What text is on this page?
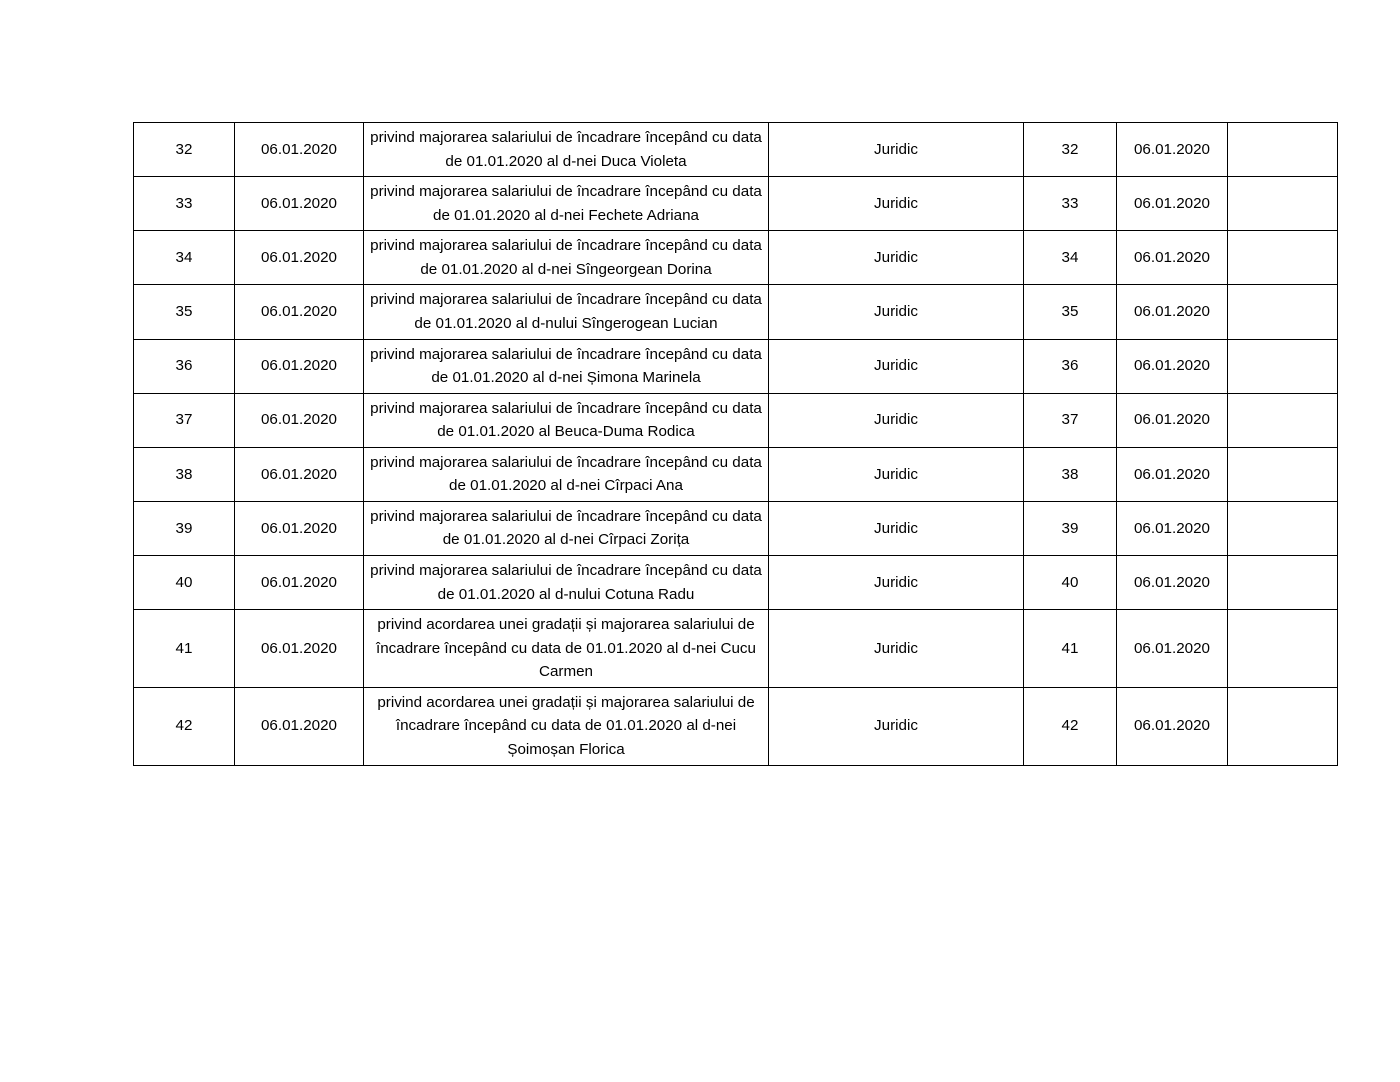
32	06.01.2020	privind majorarea salariului de încadrare începând cu data de 01.01.2020 al d-nei Duca Violeta	Juridic	32	06.01.2020	
33	06.01.2020	privind majorarea salariului de încadrare începând cu data de 01.01.2020 al d-nei Fechete Adriana	Juridic	33	06.01.2020	
34	06.01.2020	privind majorarea salariului de încadrare începând cu data de 01.01.2020 al d-nei Sîngeorgean Dorina	Juridic	34	06.01.2020	
35	06.01.2020	privind majorarea salariului de încadrare începând cu data de 01.01.2020 al d-nului Sîngerogean Lucian	Juridic	35	06.01.2020	
36	06.01.2020	privind majorarea salariului de încadrare începând cu data de 01.01.2020 al d-nei Șimona Marinela	Juridic	36	06.01.2020	
37	06.01.2020	privind majorarea salariului de încadrare începând cu data de 01.01.2020 al Beuca-Duma Rodica	Juridic	37	06.01.2020	
38	06.01.2020	privind majorarea salariului de încadrare începând cu data de 01.01.2020 al d-nei Cîrpaci Ana	Juridic	38	06.01.2020	
39	06.01.2020	privind majorarea salariului de încadrare începând cu data de 01.01.2020 al d-nei Cîrpaci Zorița	Juridic	39	06.01.2020	
40	06.01.2020	privind majorarea salariului de încadrare începând cu data de 01.01.2020 al d-nului Cotuna Radu	Juridic	40	06.01.2020	
41	06.01.2020	privind acordarea unei gradații și majorarea salariului de încadrare începând cu data de 01.01.2020 al d-nei Cucu Carmen	Juridic	41	06.01.2020	
42	06.01.2020	privind acordarea unei gradații și majorarea salariului de încadrare începând cu data de 01.01.2020 al d-nei Șoimoșan Florica	Juridic	42	06.01.2020	
